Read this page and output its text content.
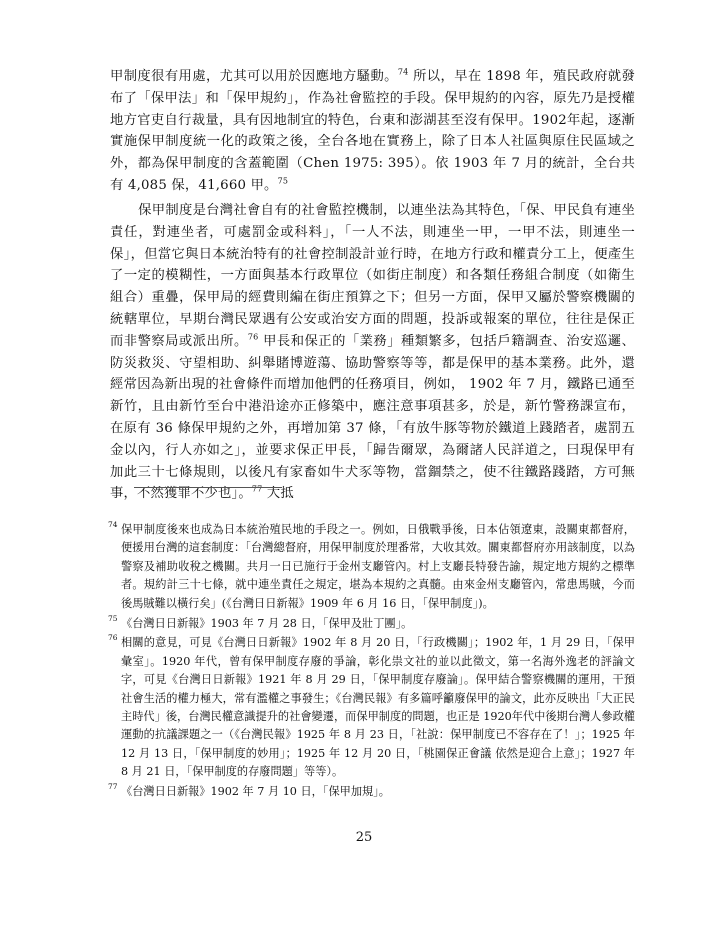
甲制度很有用處，尤其可以用於因應地方騷動。$^{74}$ 所以，早在 1898 年，殖民政府就發布了「保甲法」和「保甲規約」，作為社會監控的手段。保甲規約的內容，原先乃是授權地方官吏自行裁量，具有因地制宜的特色，台東和澎湖甚至沒有保甲。1902年起，逐漸實施保甲制度統一化的政策之後，全台各地在實務上，除了日本人社區與原住民區域之外，都為保甲制度的含蓋範圍（Chen 1975: 395）。依 1903 年 7 月的統計，全台共有 4,085 保，41,660 甲。$^{75}$

保甲制度是台灣社會自有的社會監控機制，以連坐法為其特色，「保、甲民負有連坐責任，對連坐者，可處罰金或科料」，「一人不法，則連坐一甲，一甲不法，則連坐一保」，但當它與日本統治特有的社會控制設計並行時，在地方行政和權責分工上，便產生了一定的模糊性，一方面與基本行政單位（如街庄制度）和各類任務組合制度（如衛生組合）重疊，保甲局的經費則編在街庄預算之下；但另一方面，保甲又屬於警察機關的統轄單位，早期台灣民眾遇有公安或治安方面的問題，投訴或報案的單位，往往是保正而非警察局或派出所。$^{76}$ 甲長和保正的「業務」種類繁多，包括戶籍調查、治安巡邏、防災救災、守望相助、糾舉賭博遊蕩、協助警察等等，都是保甲的基本業務。此外，還經常因為新出現的社會條件而增加他們的任務項目，例如， 1902 年 7 月，鐵路已通至新竹，且由新竹至台中港沿途亦正修築中，應注意事項甚多，於是，新竹警務課宣布，在原有 36 條保甲規約之外，再增加第 37 條，「有放牛豚等物於鐵道上踐踏者，處罰五金以內，行人亦如之」，並要求保正甲長，「歸告爾眾，為爾諸人民詳道之，曰現保甲有加此三十七條規則，以後凡有家畜如牛犬豕等物，當錮禁之，使不往鐵路踐踏，方可無事，不然獲罪不少也」。$^{77}$ 大抵

74 保甲制度後來也成為日本統治殖民地的手段之一。例如，日俄戰爭後，日本佔領遼東，設關東都督府，便援用台灣的這套制度：「台灣總督府，用保甲制度於理番常，大收其效。關東都督府亦用該制度，以為警察及補助收稅之機關。共月一日已施行于金州支廳管內。村上支廳長特發告諭，規定地方規約之標準者。規約計三十七條，就中連坐責任之規定，堪為本規約之真髓。由來金州支廳管內，常患馬賊，今而後馬賊難以橫行矣」(《台灣日日新報》1909 年 6 月 16 日，「保甲制度」)。

75 《台灣日日新報》1903 年 7 月 28 日，「保甲及壯丁團」。

76 相關的意見，可見《台灣日日新報》1902 年 8 月 20 日，「行政機關」；1902 年，1 月 29 日，「保甲彙室」。1920 年代，曾有保甲制度存廢的爭論，彰化祟文社的並以此徵文，第一名海外逸老的評論文字，可見《台灣日日新報》1921 年 8 月 29 日，「保甲制度存廢論」。保甲結合警察機關的運用，干預社會生活的權力極大，常有濫權之事發生；《台灣民報》有多篇呼籲廢保甲的論文，此亦反映出「大正民主時代」後，台灣民權意識提升的社會變遷，而保甲制度的問題，也正是 1920年代中後期台灣人參政權運動的抗議課題之一（《台灣民報》1925 年 8 月 23 日，「社說：保甲制度已不容存在了！」；1925 年 12 月 13 日，「保甲制度的妙用」；1925 年 12 月 20 日，「桃園保正會議 依然是迎合上意」；1927 年 8 月 21 日，「保甲制度的存廢問題」等等）。

77 《台灣日日新報》1902 年 7 月 10 日，「保甲加規」。

25
